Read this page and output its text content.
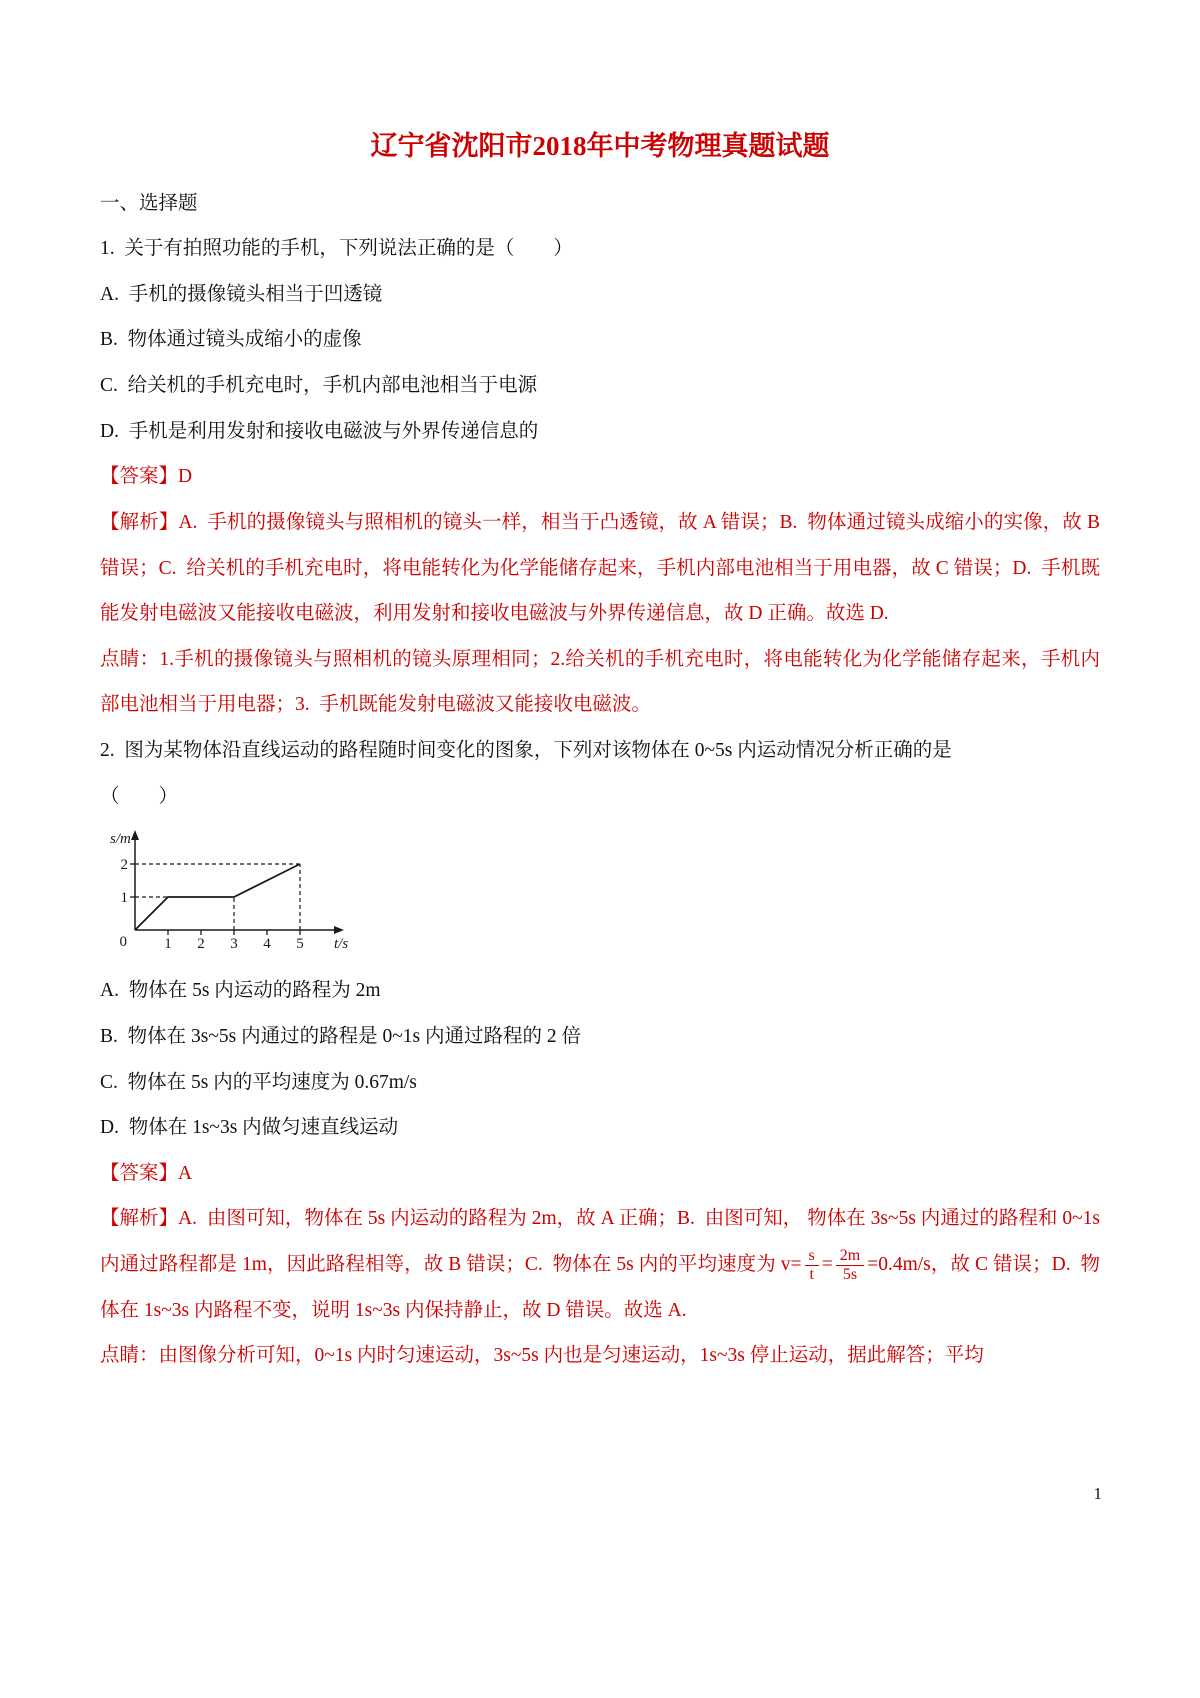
辽宁省沈阳市2018年中考物理真题试题

一、选择题

1.  关于有拍照功能的手机，下列说法正确的是（　　）

A.  手机的摄像镜头相当于凹透镜

B.  物体通过镜头成缩小的虚像

C.  给关机的手机充电时，手机内部电池相当于电源

D.  手机是利用发射和接收电磁波与外界传递信息的

【答案】D

【解析】A.  手机的摄像镜头与照相机的镜头一样，相当于凸透镜，故 A 错误；B.  物体通过镜头成缩小的实像，故 B 错误；C.  给关机的手机充电时，将电能转化为化学能储存起来，手机内部电池相当于用电器，故 C 错误；D.  手机既能发射电磁波又能接收电磁波，利用发射和接收电磁波与外界传递信息，故 D 正确。故选 D.

点睛：1.手机的摄像镜头与照相机的镜头原理相同；2.给关机的手机充电时，将电能转化为化学能储存起来，手机内部电池相当于用电器；3.  手机既能发射电磁波又能接收电磁波。

2.  图为某物体沿直线运动的路程随时间变化的图象，下列对该物体在 0~5s 内运动情况分析正确的是

（　　）

s/m
t/s
2
1
0 1 2 3 4 5

A.  物体在 5s 内运动的路程为 2m

B.  物体在 3s~5s 内通过的路程是 0~1s 内通过路程的 2 倍

C.  物体在 5s 内的平均速度为 0.67m/s

D.  物体在 1s~3s 内做匀速直线运动

【答案】A

【解析】A.  由图可知，物体在 5s 内运动的路程为 2m，故 A 正确；B.  由图可知， 物体在 3s~5s 内通过的路程和 0~1s 内通过路程都是 1m，因此路程相等，故 B 错误；C.  物体在 5s 内的平均速度为 $v= \frac{s}{t} = \frac{2m}{5s} =0.4m/s$，故 C 错误；D.  物体在 1s~3s 内路程不变，说明 1s~3s 内保持静止，故 D 错误。故选 A.

点睛：由图像分析可知，0~1s 内时匀速运动，3s~5s 内也是匀速运动，1s~3s 停止运动，据此解答；平均

1
